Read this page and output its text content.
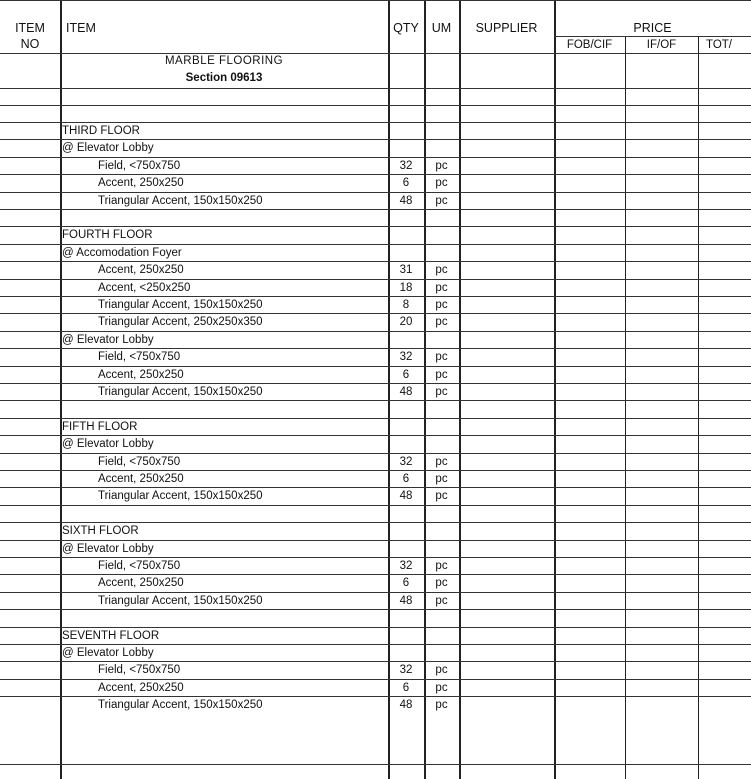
ITEM
NO
ITEM	QTY	UM	SUPPLIER	PRICE
FOB/CIF	IF/OF	TOT/
MARBLE FLOORING
Section 09613
THIRD FLOOR
@ Elevator Lobby
Field, <750x750	32	pc
Accent, 250x250	6	pc
Triangular Accent, 150x150x250	48	pc
FOURTH FLOOR
@ Accomodation Foyer
Accent, 250x250	31	pc
Accent, <250x250	18	pc
Triangular Accent, 150x150x250	8	pc
Triangular Accent, 250x250x350	20	pc
@ Elevator Lobby
Field, <750x750	32	pc
Accent, 250x250	6	pc
Triangular Accent, 150x150x250	48	pc
FIFTH FLOOR
@ Elevator Lobby
Field, <750x750	32	pc
Accent, 250x250	6	pc
Triangular Accent, 150x150x250	48	pc
SIXTH FLOOR
@ Elevator Lobby
Field, <750x750	32	pc
Accent, 250x250	6	pc
Triangular Accent, 150x150x250	48	pc
SEVENTH FLOOR
@ Elevator Lobby
Field, <750x750	32	pc
Accent, 250x250	6	pc
Triangular Accent, 150x150x250	48	pc
